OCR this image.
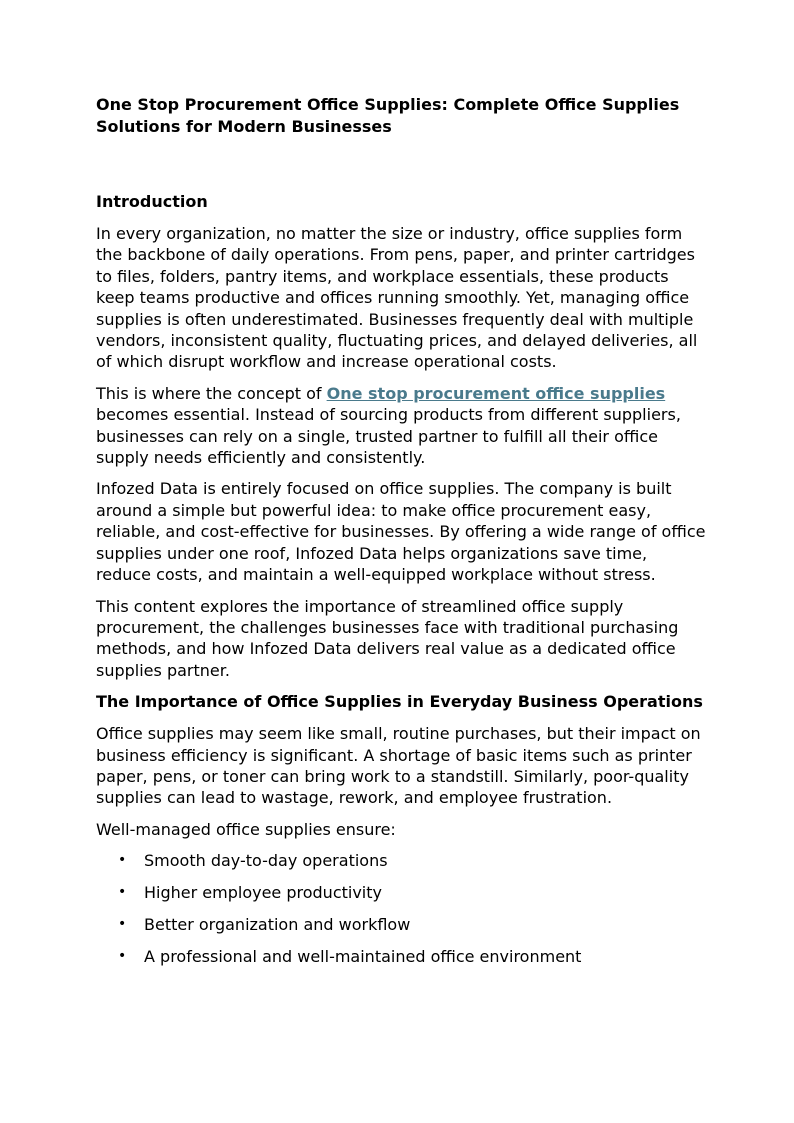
One Stop Procurement Office Supplies: Complete Office Supplies Solutions for Modern Businesses
Introduction

In every organization, no matter the size or industry, office supplies form the backbone of daily operations. From pens, paper, and printer cartridges to files, folders, pantry items, and workplace essentials, these products keep teams productive and offices running smoothly. Yet, managing office supplies is often underestimated. Businesses frequently deal with multiple vendors, inconsistent quality, fluctuating prices, and delayed deliveries, all of which disrupt workflow and increase operational costs.

This is where the concept of One stop procurement office supplies becomes essential. Instead of sourcing products from different suppliers, businesses can rely on a single, trusted partner to fulfill all their office supply needs efficiently and consistently.

Infozed Data is entirely focused on office supplies. The company is built around a simple but powerful idea: to make office procurement easy, reliable, and cost-effective for businesses. By offering a wide range of office supplies under one roof, Infozed Data helps organizations save time, reduce costs, and maintain a well-equipped workplace without stress.

This content explores the importance of streamlined office supply procurement, the challenges businesses face with traditional purchasing methods, and how Infozed Data delivers real value as a dedicated office supplies partner.

The Importance of Office Supplies in Everyday Business Operations

Office supplies may seem like small, routine purchases, but their impact on business efficiency is significant. A shortage of basic items such as printer paper, pens, or toner can bring work to a standstill. Similarly, poor-quality supplies can lead to wastage, rework, and employee frustration.

Well-managed office supplies ensure:

• Smooth day-to-day operations
• Higher employee productivity
• Better organization and workflow
• A professional and well-maintained office environment
